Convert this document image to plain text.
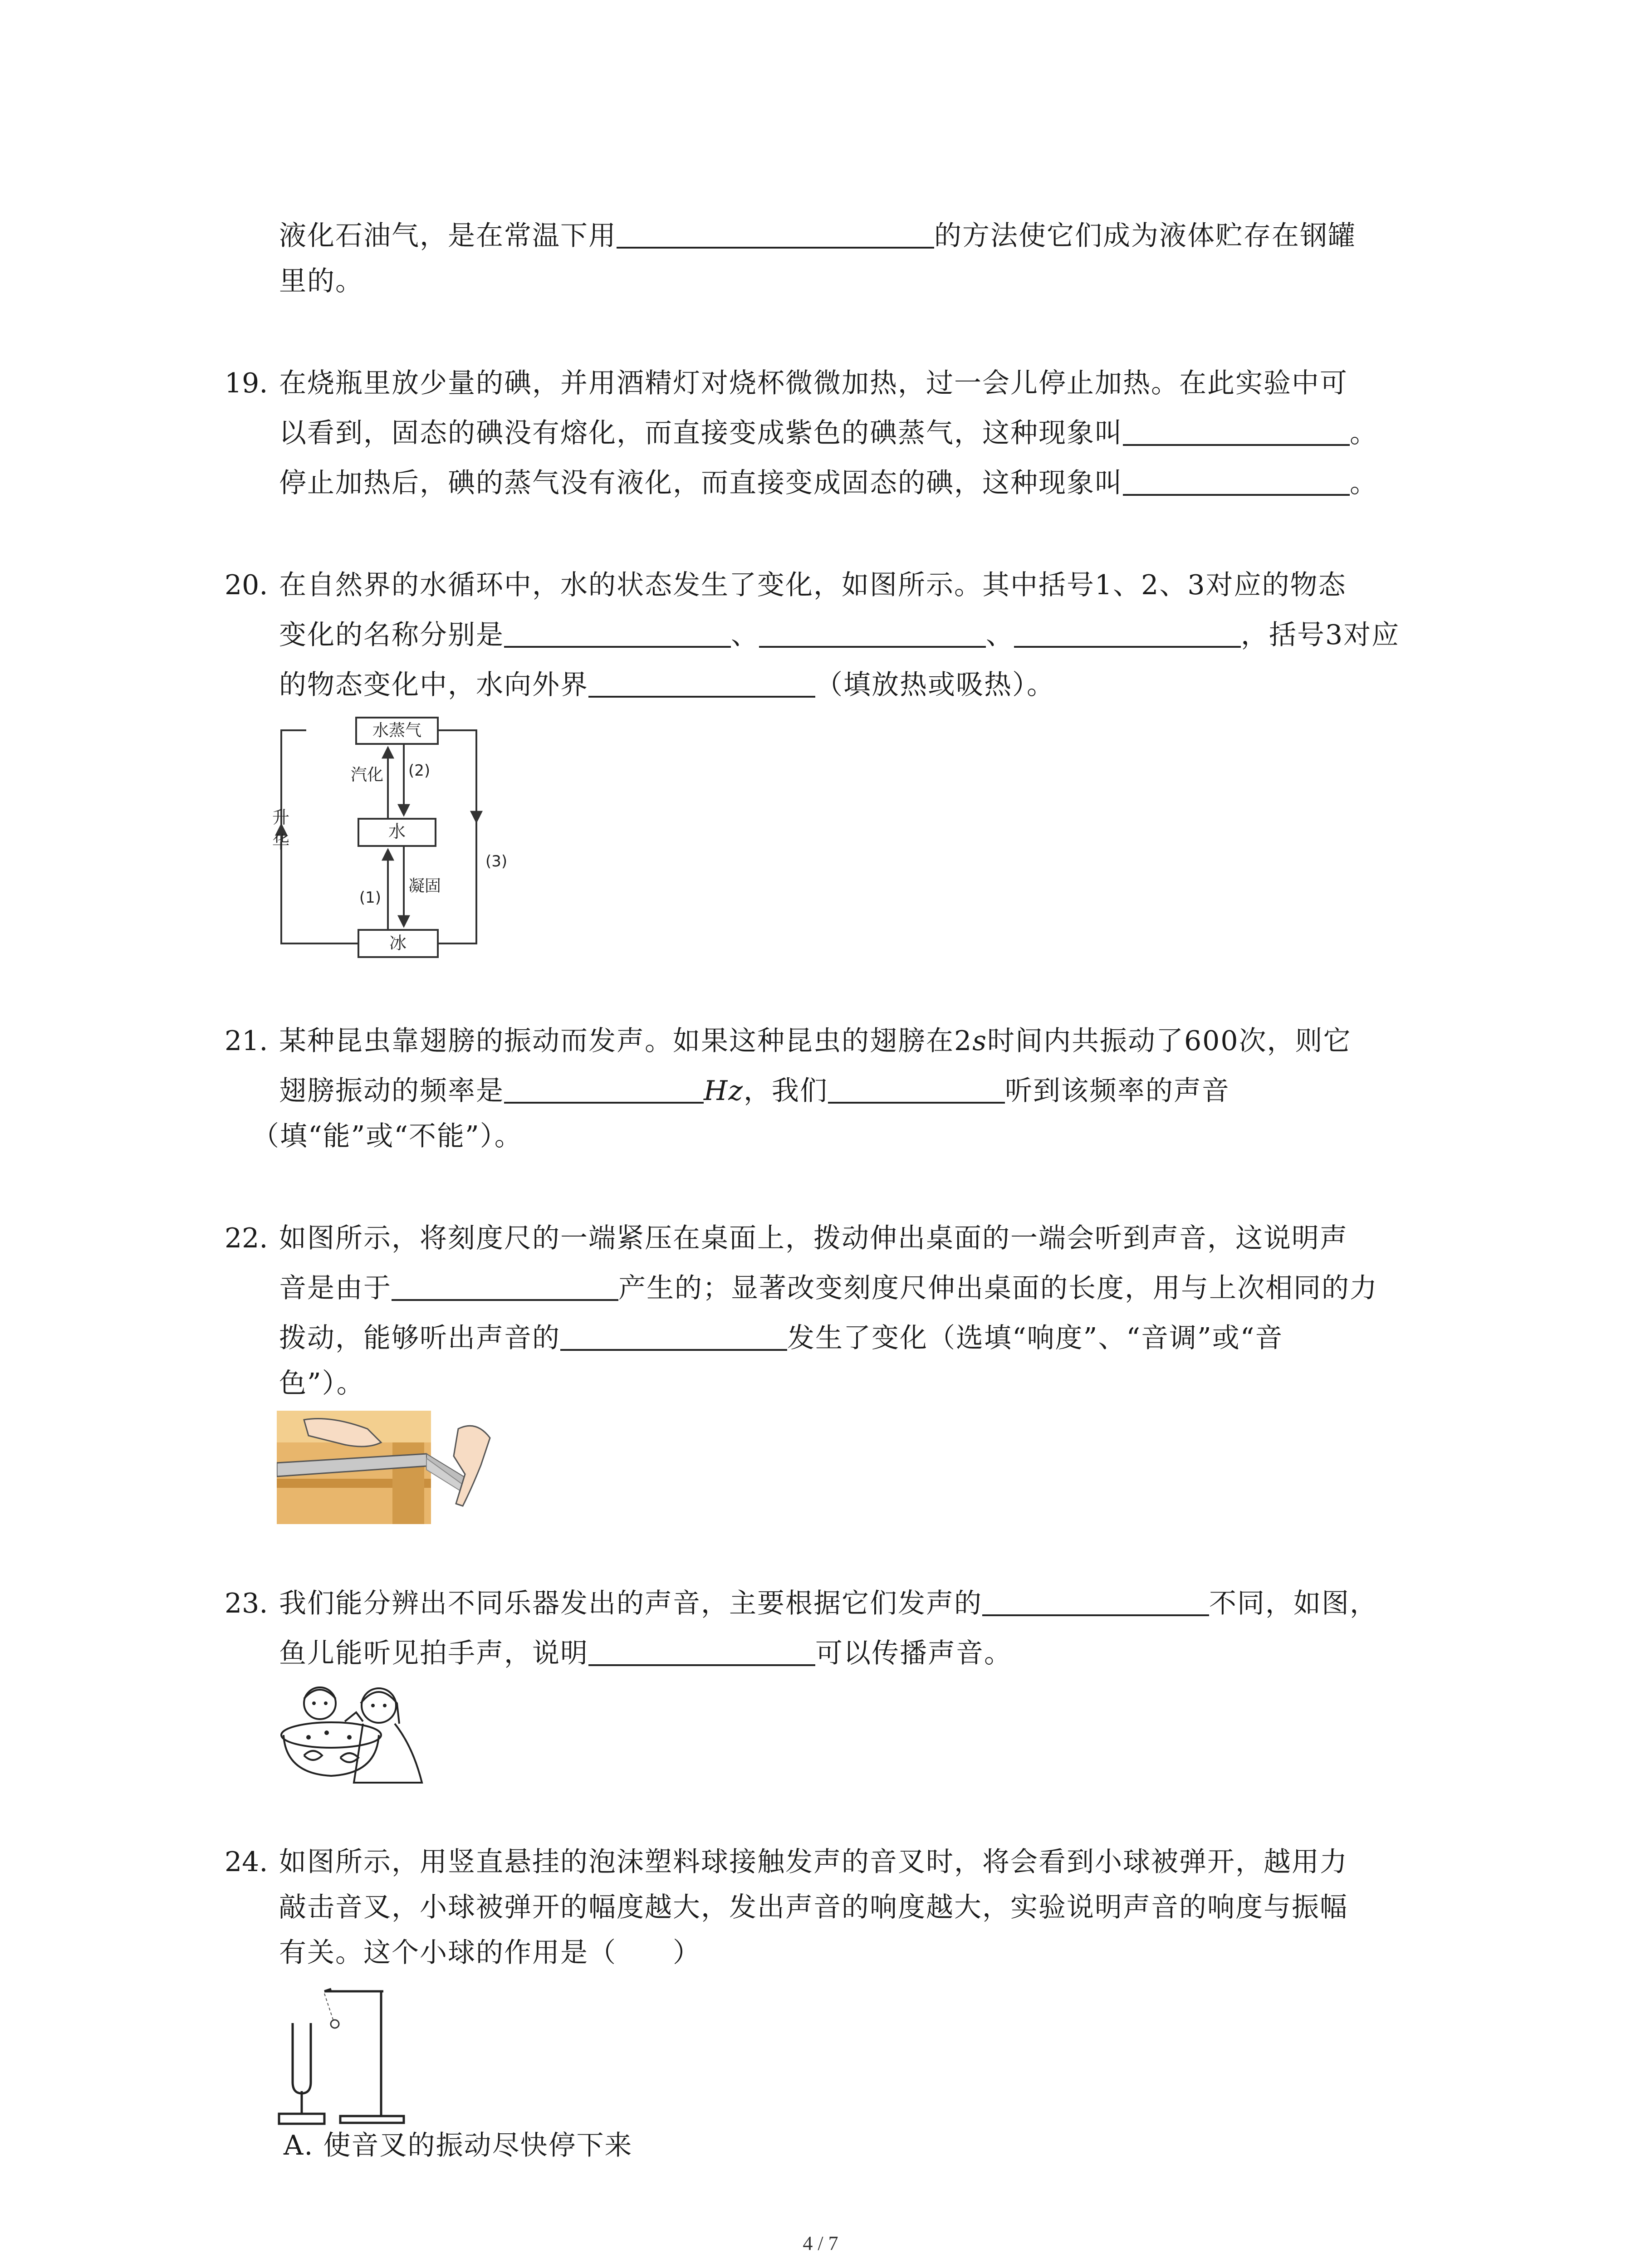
液化石油气，是在常温下用	的方法使它们成为液体贮存在钢罐
里的。
19. 在烧瓶里放少量的碘，并用酒精灯对烧杯微微加热，过一会儿停止加热。在此实验中可
以看到，固态的碘没有熔化，而直接变成紫色的碘蒸气，这种现象叫	。
停止加热后，碘的蒸气没有液化，而直接变成固态的碘，这种现象叫	。
20. 在自然界的水循环中，水的状态发生了变化，如图所示。其中括号1、2、3对应的物态
变化的名称分别是	、	、	，括号3对应
的物态变化中，水向外界	（填放热或吸热）。
水蒸气
水
冰
汽化 (2)
(1)
凝固
升华
(3)
21. 某种昆虫靠翅膀的振动而发声。如果这种昆虫的翅膀在2s时间内共振动了600次，则它
翅膀振动的频率是	Hz，我们	听到该频率的声音
（填“能”或“不能”）。
22. 如图所示，将刻度尺的一端紧压在桌面上，拨动伸出桌面的一端会听到声音，这说明声
音是由于	产生的；显著改变刻度尺伸出桌面的长度，用与上次相同的力
拨动，能够听出声音的	发生了变化（选填“响度”、“音调”或“音
色”）。
23. 我们能分辨出不同乐器发出的声音，主要根据它们发声的	不同，如图，
鱼儿能听见拍手声，说明	可以传播声音。
24. 如图所示，用竖直悬挂的泡沫塑料球接触发声的音叉时，将会看到小球被弹开，越用力
敲击音叉，小球被弹开的幅度越大，发出声音的响度越大，实验说明声音的响度与振幅
有关。这个小球的作用是（　　）
A. 使音叉的振动尽快停下来
4 / 7
